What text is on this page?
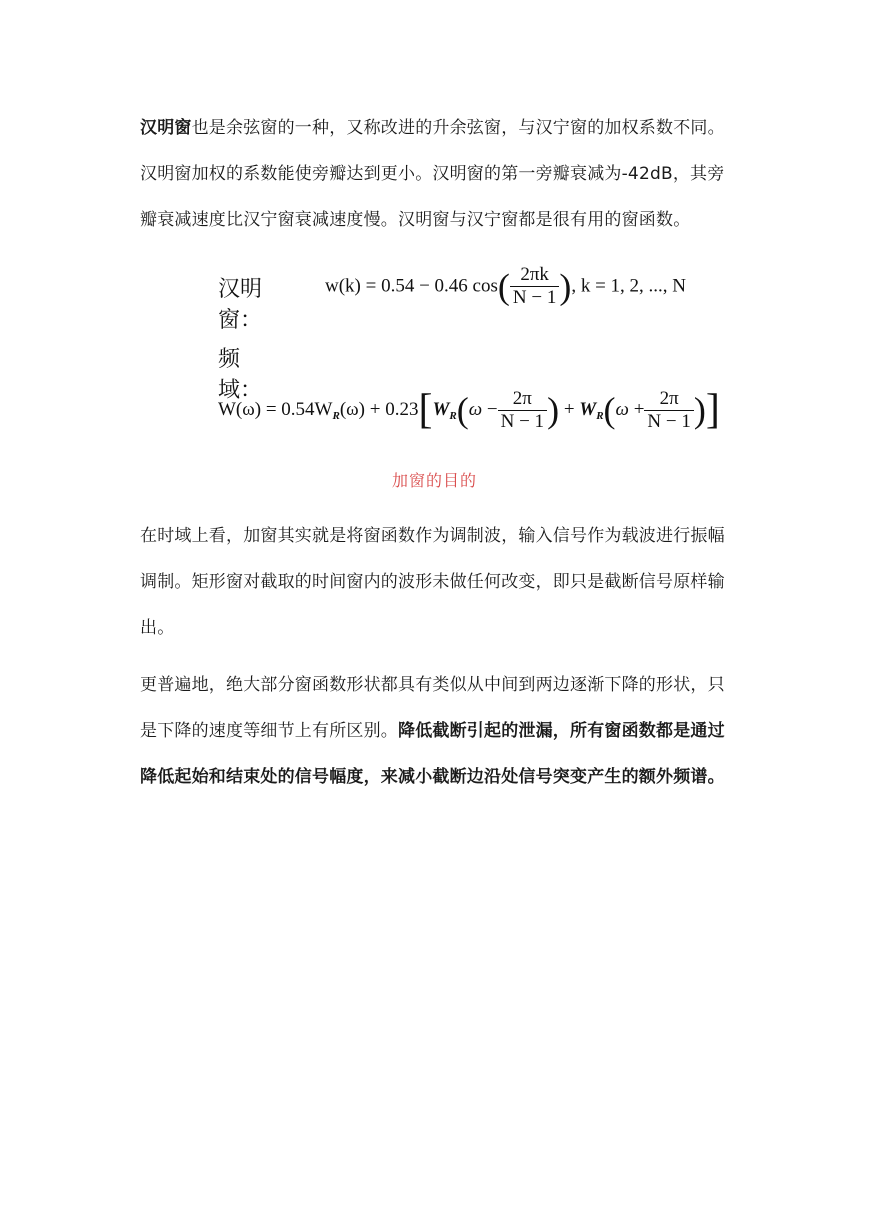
汉明窗也是余弦窗的一种，又称改进的升余弦窗，与汉宁窗的加权系数不同。汉明窗加权的系数能使旁瓣达到更小。汉明窗的第一旁瓣衰减为-42dB，其旁瓣衰减速度比汉宁窗衰减速度慢。汉明窗与汉宁窗都是很有用的窗函数。

汉明窗：
w(k) = 0.54 − 0.46 $\cos( \frac{2\pi k}{N - 1}$ ), k = 1, 2, ..., N
频域：
$W(\omega) = 0.54W_R(\omega) + 0.23[W_R(\omega - \frac{2\pi}{N - 1}$ ) + $W_R(\omega + \frac{2\pi}{N - 1}$ )]

加窗的目的

在时域上看，加窗其实就是将窗函数作为调制波，输入信号作为载波进行振幅调制。矩形窗对截取的时间窗内的波形未做任何改变，即只是截断信号原样输出。

更普遍地，绝大部分窗函数形状都具有类似从中间到两边逐渐下降的形状，只是下降的速度等细节上有所区别。降低截断引起的泄漏，所有窗函数都是通过降低起始和结束处的信号幅度，来减小截断边沿处信号突变产生的额外频谱。
